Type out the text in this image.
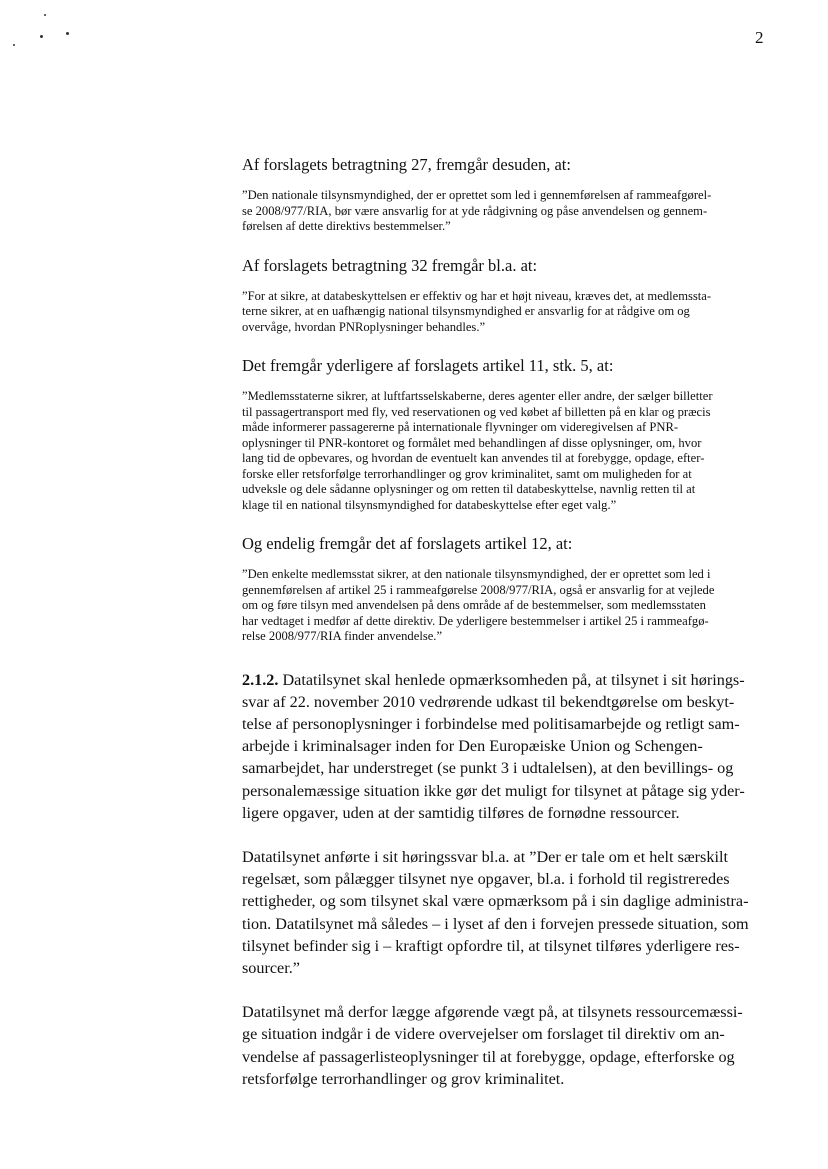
2

Af forslagets betragtning 27, fremgår desuden, at:

”Den nationale tilsynsmyndighed, der er oprettet som led i gennemførelsen af rammeafgørel-
se 2008/977/RIA, bør være ansvarlig for at yde rådgivning og påse anvendelsen og gennem-
førelsen af dette direktivs bestemmelser.”

Af forslagets betragtning 32 fremgår bl.a. at:

”For at sikre, at databeskyttelsen er effektiv og har et højt niveau, kræves det, at medlemssta-
terne sikrer, at en uafhængig national tilsynsmyndighed er ansvarlig for at rådgive om og
overvåge, hvordan PNRoplysninger behandles.”

Det fremgår yderligere af forslagets artikel 11, stk. 5, at:

”Medlemsstaterne sikrer, at luftfartsselskaberne, deres agenter eller andre, der sælger billetter
til passagertransport med fly, ved reservationen og ved købet af billetten på en klar og præcis
måde informerer passagererne på internationale flyvninger om videregivelsen af PNR-
oplysninger til PNR-kontoret og formålet med behandlingen af disse oplysninger, om, hvor
lang tid de opbevares, og hvordan de eventuelt kan anvendes til at forebygge, opdage, efter-
forske eller retsforfølge terrorhandlinger og grov kriminalitet, samt om muligheden for at
udveksle og dele sådanne oplysninger og om retten til databeskyttelse, navnlig retten til at
klage til en national tilsynsmyndighed for databeskyttelse efter eget valg.”

Og endelig fremgår det af forslagets artikel 12, at:

”Den enkelte medlemsstat sikrer, at den nationale tilsynsmyndighed, der er oprettet som led i
gennemførelsen af artikel 25 i rammeafgørelse 2008/977/RIA, også er ansvarlig for at vejlede
om og føre tilsyn med anvendelsen på dens område af de bestemmelser, som medlemsstaten
har vedtaget i medfør af dette direktiv. De yderligere bestemmelser i artikel 25 i rammeafgø-
relse 2008/977/RIA finder anvendelse.”
2.1.2. Datatilsynet skal henlede opmærksomheden på, at tilsynet i sit hørings-
svar af 22. november 2010 vedrørende udkast til bekendtgørelse om beskyt-
telse af personoplysninger i forbindelse med politisamarbejde og retligt sam-
arbejde i kriminalsager inden for Den Europæiske Union og Schengen-
samarbejdet, har understreget (se punkt 3 i udtalelsen), at den bevillings- og
personalemæssige situation ikke gør det muligt for tilsynet at påtage sig yder-
ligere opgaver, uden at der samtidig tilføres de fornødne ressourcer.
Datatilsynet anførte i sit høringssvar bl.a. at ”Der er tale om et helt særskilt
regelsæt, som pålægger tilsynet nye opgaver, bl.a. i forhold til registreredes
rettigheder, og som tilsynet skal være opmærksom på i sin daglige administra-
tion. Datatilsynet må således – i lyset af den i forvejen pressede situation, som
tilsynet befinder sig i – kraftigt opfordre til, at tilsynet tilføres yderligere res-
sourcer.”
Datatilsynet må derfor lægge afgørende vægt på, at tilsynets ressourcemæssi-
ge situation indgår i de videre overvejelser om forslaget til direktiv om an-
vendelse af passagerlisteoplysninger til at forebygge, opdage, efterforske og
retsforfølge terrorhandlinger og grov kriminalitet.
